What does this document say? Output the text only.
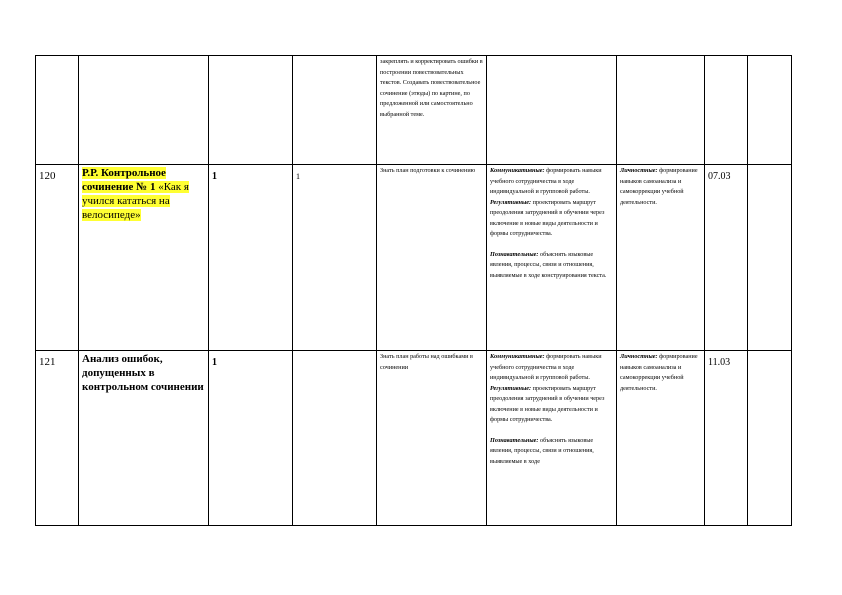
				закреплять и корректировать ошибки в построении повествовательных текстов. Создавать повествовательное сочинение (этюды) по картине, по предложенной или самостоятельно выбранной теме.				

120	Р.Р. Контрольное сочинение № 1 «Как я учился кататься на велосипеде»	1	1	Знать план подготовки к сочинению	Коммуникативные: формировать навыки учебного сотрудничества в ходе индивидуальной и групповой работы.
Регулятивные: проектировать маршрут преодоления затруднений в обучении через включение в новые виды деятельности и формы сотрудничества.
Познавательные: объяснять языковые явления, процессы, связи и отношения, выявляемые в ходе конструирования текста.	Личностные: формирование навыков самоанализа и самокоррекции учебной деятельности.	07.03	
121	Анализ ошибок, допущенных в контрольном сочинении	1		Знать план работы над ошибками в сочинении	Коммуникативные: формировать навыки учебного сотрудничества в ходе индивидуальной и групповой работы.
Регулятивные: проектировать маршрут преодоления затруднений в обучении через включение в новые виды деятельности и формы сотрудничества.
Познавательные: объяснять языковые явления, процессы, связи и отношения, выявляемые в ходе	Личностные: формирование навыков самоанализа и самокоррекции учебной деятельности.	11.03	
